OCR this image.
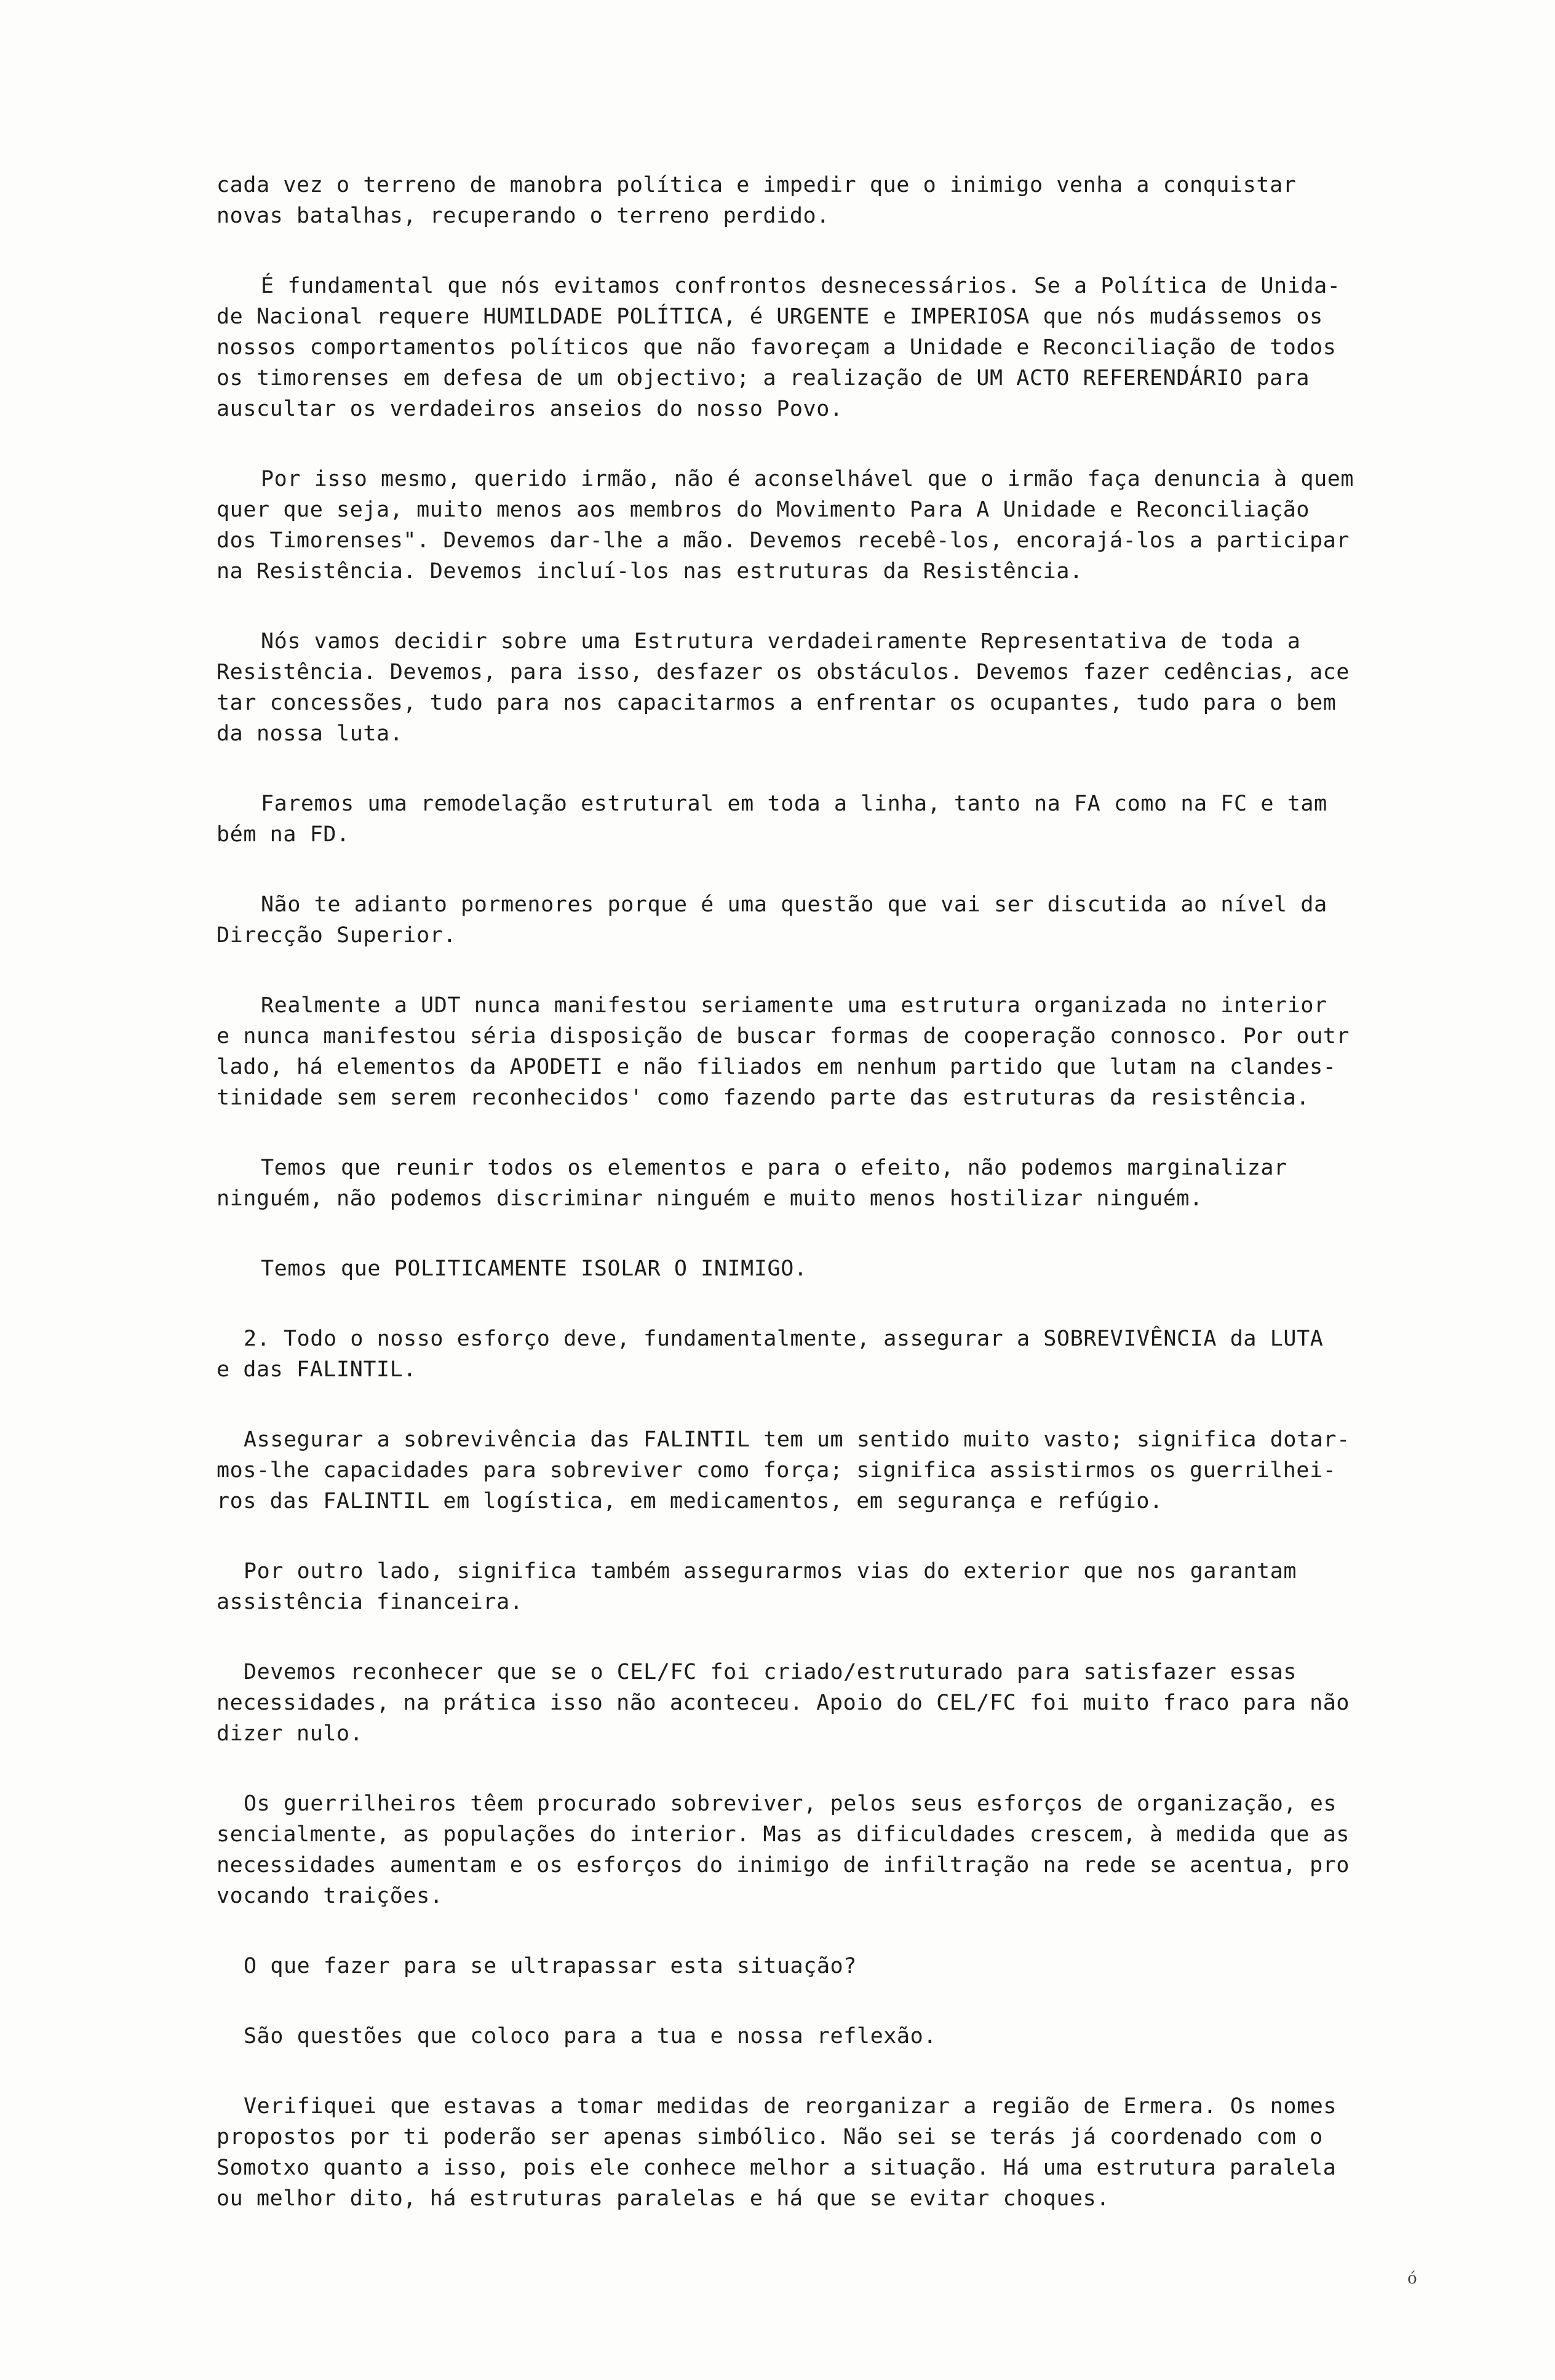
cada vez o terreno de manobra política e impedir que o inimigo venha a conquistar
novas batalhas, recuperando o terreno perdido.
É fundamental que nós evitamos confrontos desnecessários. Se a Política de Unida-
de Nacional requere HUMILDADE POLÍTICA, é URGENTE e IMPERIOSA que nós mudássemos os
nossos comportamentos políticos que não favoreçam a Unidade e Reconciliação de todos
os timorenses em defesa de um objectivo; a realização de UM ACTO REFERENDÁRIO para
auscultar os verdadeiros anseios do nosso Povo.
Por isso mesmo, querido irmão, não é aconselhável que o irmão faça denuncia à quem
quer que seja, muito menos aos membros do Movimento Para A Unidade e Reconciliação
dos Timorenses". Devemos dar-lhe a mão. Devemos recebê-los, encorajá-los a participar
na Resistência. Devemos incluí-los nas estruturas da Resistência.
Nós vamos decidir sobre uma Estrutura verdadeiramente Representativa de toda a
Resistência. Devemos, para isso, desfazer os obstáculos. Devemos fazer cedências, ace
tar concessões, tudo para nos capacitarmos a enfrentar os ocupantes, tudo para o bem
da nossa luta.
Faremos uma remodelação estrutural em toda a linha, tanto na FA como na FC e tam
bém na FD.
Não te adianto pormenores porque é uma questão que vai ser discutida ao nível da
Direcção Superior.
Realmente a UDT nunca manifestou seriamente uma estrutura organizada no interior
e nunca manifestou séria disposição de buscar formas de cooperação connosco. Por outr
lado, há elementos da APODETI e não filiados em nenhum partido que lutam na clandes-
tinidade sem serem reconhecidos' como fazendo parte das estruturas da resistência.
Temos que reunir todos os elementos e para o efeito, não podemos marginalizar
ninguém, não podemos discriminar ninguém e muito menos hostilizar ninguém.
Temos que POLITICAMENTE ISOLAR O INIMIGO.
2. Todo o nosso esforço deve, fundamentalmente, assegurar a SOBREVIVÊNCIA da LUTA
e das FALINTIL.
Assegurar a sobrevivência das FALINTIL tem um sentido muito vasto; significa dotar-
mos-lhe capacidades para sobreviver como força; significa assistirmos os guerrilhei-
ros das FALINTIL em logística, em medicamentos, em segurança e refúgio.
Por outro lado, significa também assegurarmos vias do exterior que nos garantam
assistência financeira.
Devemos reconhecer que se o CEL/FC foi criado/estruturado para satisfazer essas
necessidades, na prática isso não aconteceu. Apoio do CEL/FC foi muito fraco para não
dizer nulo.
Os guerrilheiros têem procurado sobreviver, pelos seus esforços de organização, es
sencialmente, as populações do interior. Mas as dificuldades crescem, à medida que as
necessidades aumentam e os esforços do inimigo de infiltração na rede se acentua, pro
vocando traições.
O que fazer para se ultrapassar esta situação?
São questões que coloco para a tua e nossa reflexão.
Verifiquei que estavas a tomar medidas de reorganizar a região de Ermera. Os nomes
propostos por ti poderão ser apenas simbólico. Não sei se terás já coordenado com o
Somotxo quanto a isso, pois ele conhece melhor a situação. Há uma estrutura paralela
ou melhor dito, há estruturas paralelas e há que se evitar choques.
ó
